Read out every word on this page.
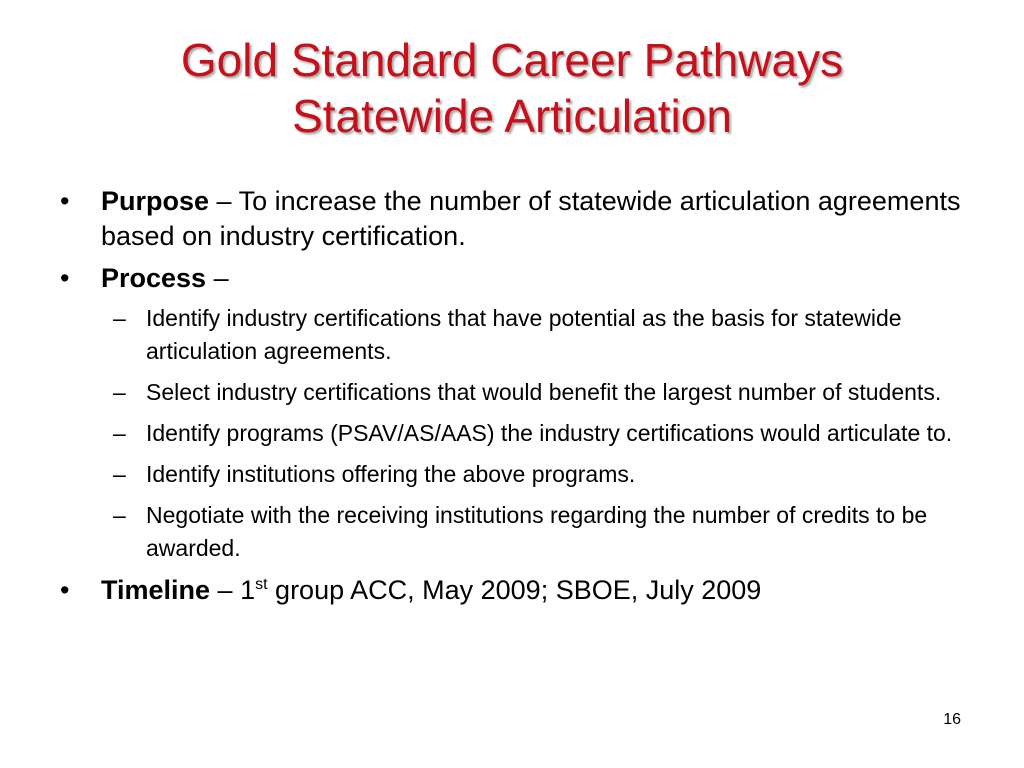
Gold Standard Career Pathways
Statewide Articulation
• Purpose – To increase the number of statewide articulation agreements based on industry certification.
• Process –
– Identify industry certifications that have potential as the basis for statewide articulation agreements.
– Select industry certifications that would benefit the largest number of students.
– Identify programs (PSAV/AS/AAS) the industry certifications would articulate to.
– Identify institutions offering the above programs.
– Negotiate with the receiving institutions regarding the number of credits to be awarded.
• Timeline – 1st group ACC, May 2009; SBOE, July 2009
16
